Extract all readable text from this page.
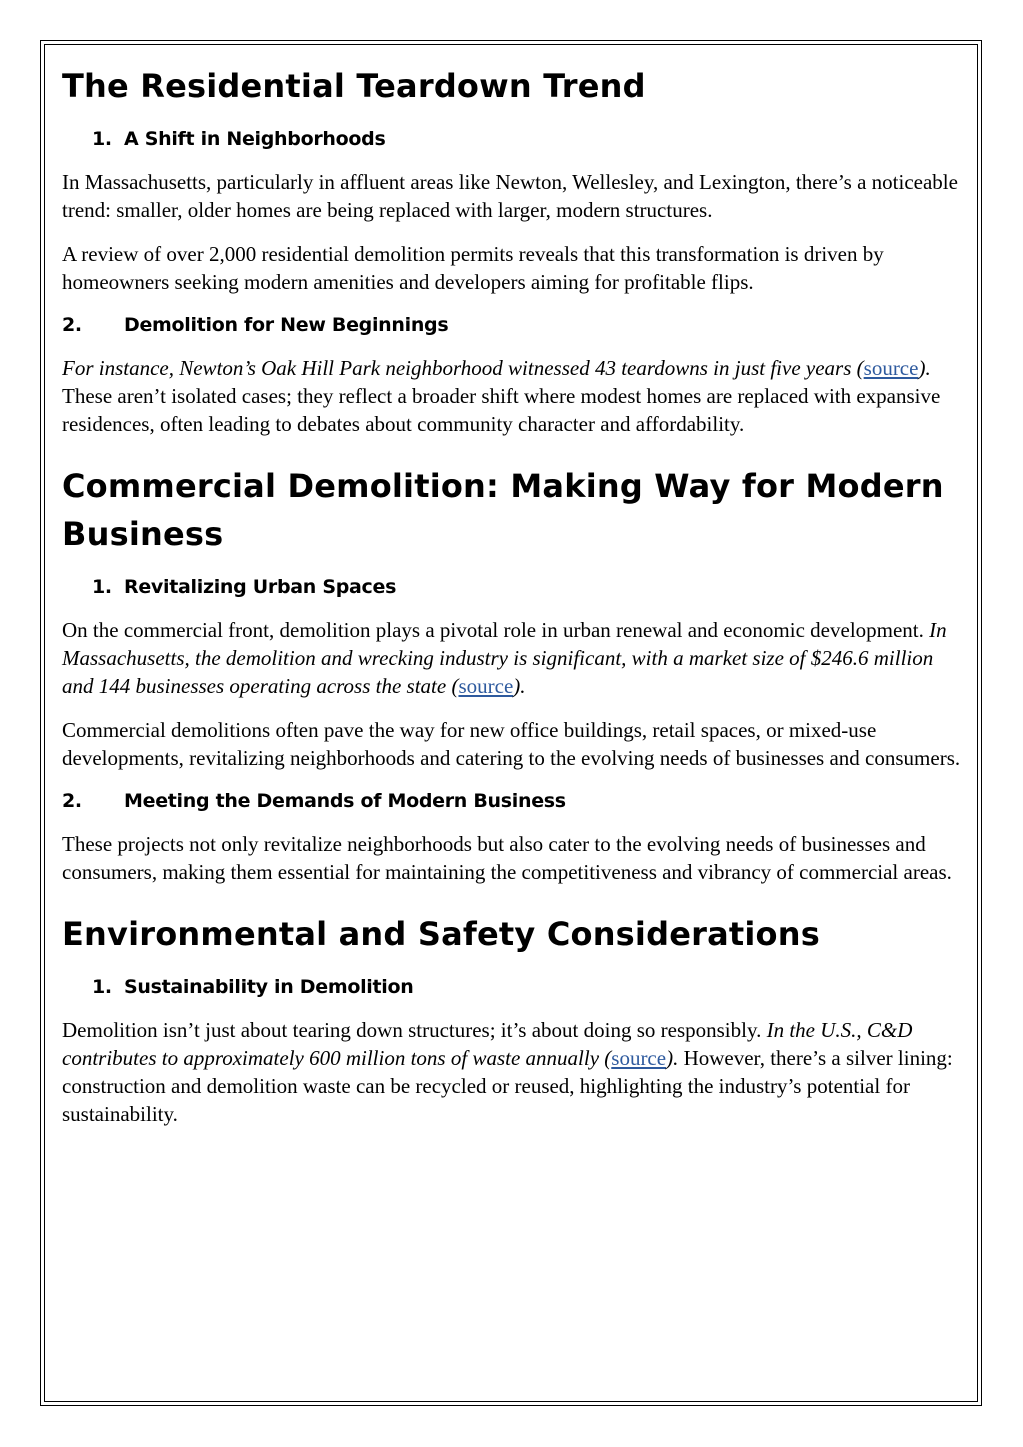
The Residential Teardown Trend
1. A Shift in Neighborhoods

In Massachusetts, particularly in affluent areas like Newton, Wellesley, and Lexington, there’s a noticeable trend: smaller, older homes are being replaced with larger, modern structures.

A review of over 2,000 residential demolition permits reveals that this transformation is driven by homeowners seeking modern amenities and developers aiming for profitable flips.

2.	Demolition for New Beginnings

For instance, Newton’s Oak Hill Park neighborhood witnessed 43 teardowns in just five years (source). These aren’t isolated cases; they reflect a broader shift where modest homes are replaced with expansive residences, often leading to debates about community character and affordability.

Commercial Demolition: Making Way for Modern Business
1. Revitalizing Urban Spaces

On the commercial front, demolition plays a pivotal role in urban renewal and economic development. In Massachusetts, the demolition and wrecking industry is significant, with a market size of $246.6 million and 144 businesses operating across the state (source).

Commercial demolitions often pave the way for new office buildings, retail spaces, or mixed-use developments, revitalizing neighborhoods and catering to the evolving needs of businesses and consumers.

2.	Meeting the Demands of Modern Business

These projects not only revitalize neighborhoods but also cater to the evolving needs of businesses and consumers, making them essential for maintaining the competitiveness and vibrancy of commercial areas.

Environmental and Safety Considerations
1. Sustainability in Demolition

Demolition isn’t just about tearing down structures; it’s about doing so responsibly. In the U.S., C&D contributes to approximately 600 million tons of waste annually (source). However, there’s a silver lining: construction and demolition waste can be recycled or reused, highlighting the industry’s potential for sustainability.
